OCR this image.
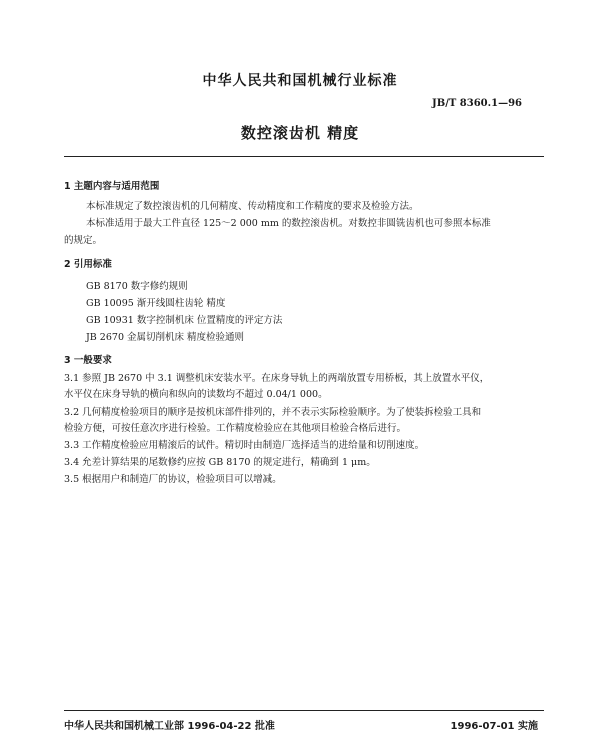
中华人民共和国机械行业标准
JB/T 8360.1—96
数控滚齿机 精度
1 主题内容与适用范围
本标准规定了数控滚齿机的几何精度、传动精度和工作精度的要求及检验方法。
本标准适用于最大工件直径 125～2 000 mm 的数控滚齿机。对数控非圆铣齿机也可参照本标准
的规定。
2 引用标准
GB 8170 数字修约规则
GB 10095 渐开线圆柱齿轮 精度
GB 10931 数字控制机床 位置精度的评定方法
JB 2670 金属切削机床 精度检验通则
3 一般要求
3.1 参照 JB 2670 中 3.1 调整机床安装水平。在床身导轨上的两端放置专用桥板，其上放置水平仪，
水平仪在床身导轨的横向和纵向的读数均不超过 0.04/1 000。
3.2 几何精度检验项目的顺序是按机床部件排列的，并不表示实际检验顺序。为了使装拆检验工具和
检验方便，可按任意次序进行检验。工作精度检验应在其他项目检验合格后进行。
3.3 工作精度检验应用精滚后的试件。精切时由制造厂选择适当的进给量和切削速度。
3.4 允差计算结果的尾数修约应按 GB 8170 的规定进行，精确到 1 μm。
3.5 根据用户和制造厂的协议，检验项目可以增减。
中华人民共和国机械工业部 1996-04-22 批准	1996-07-01 实施
